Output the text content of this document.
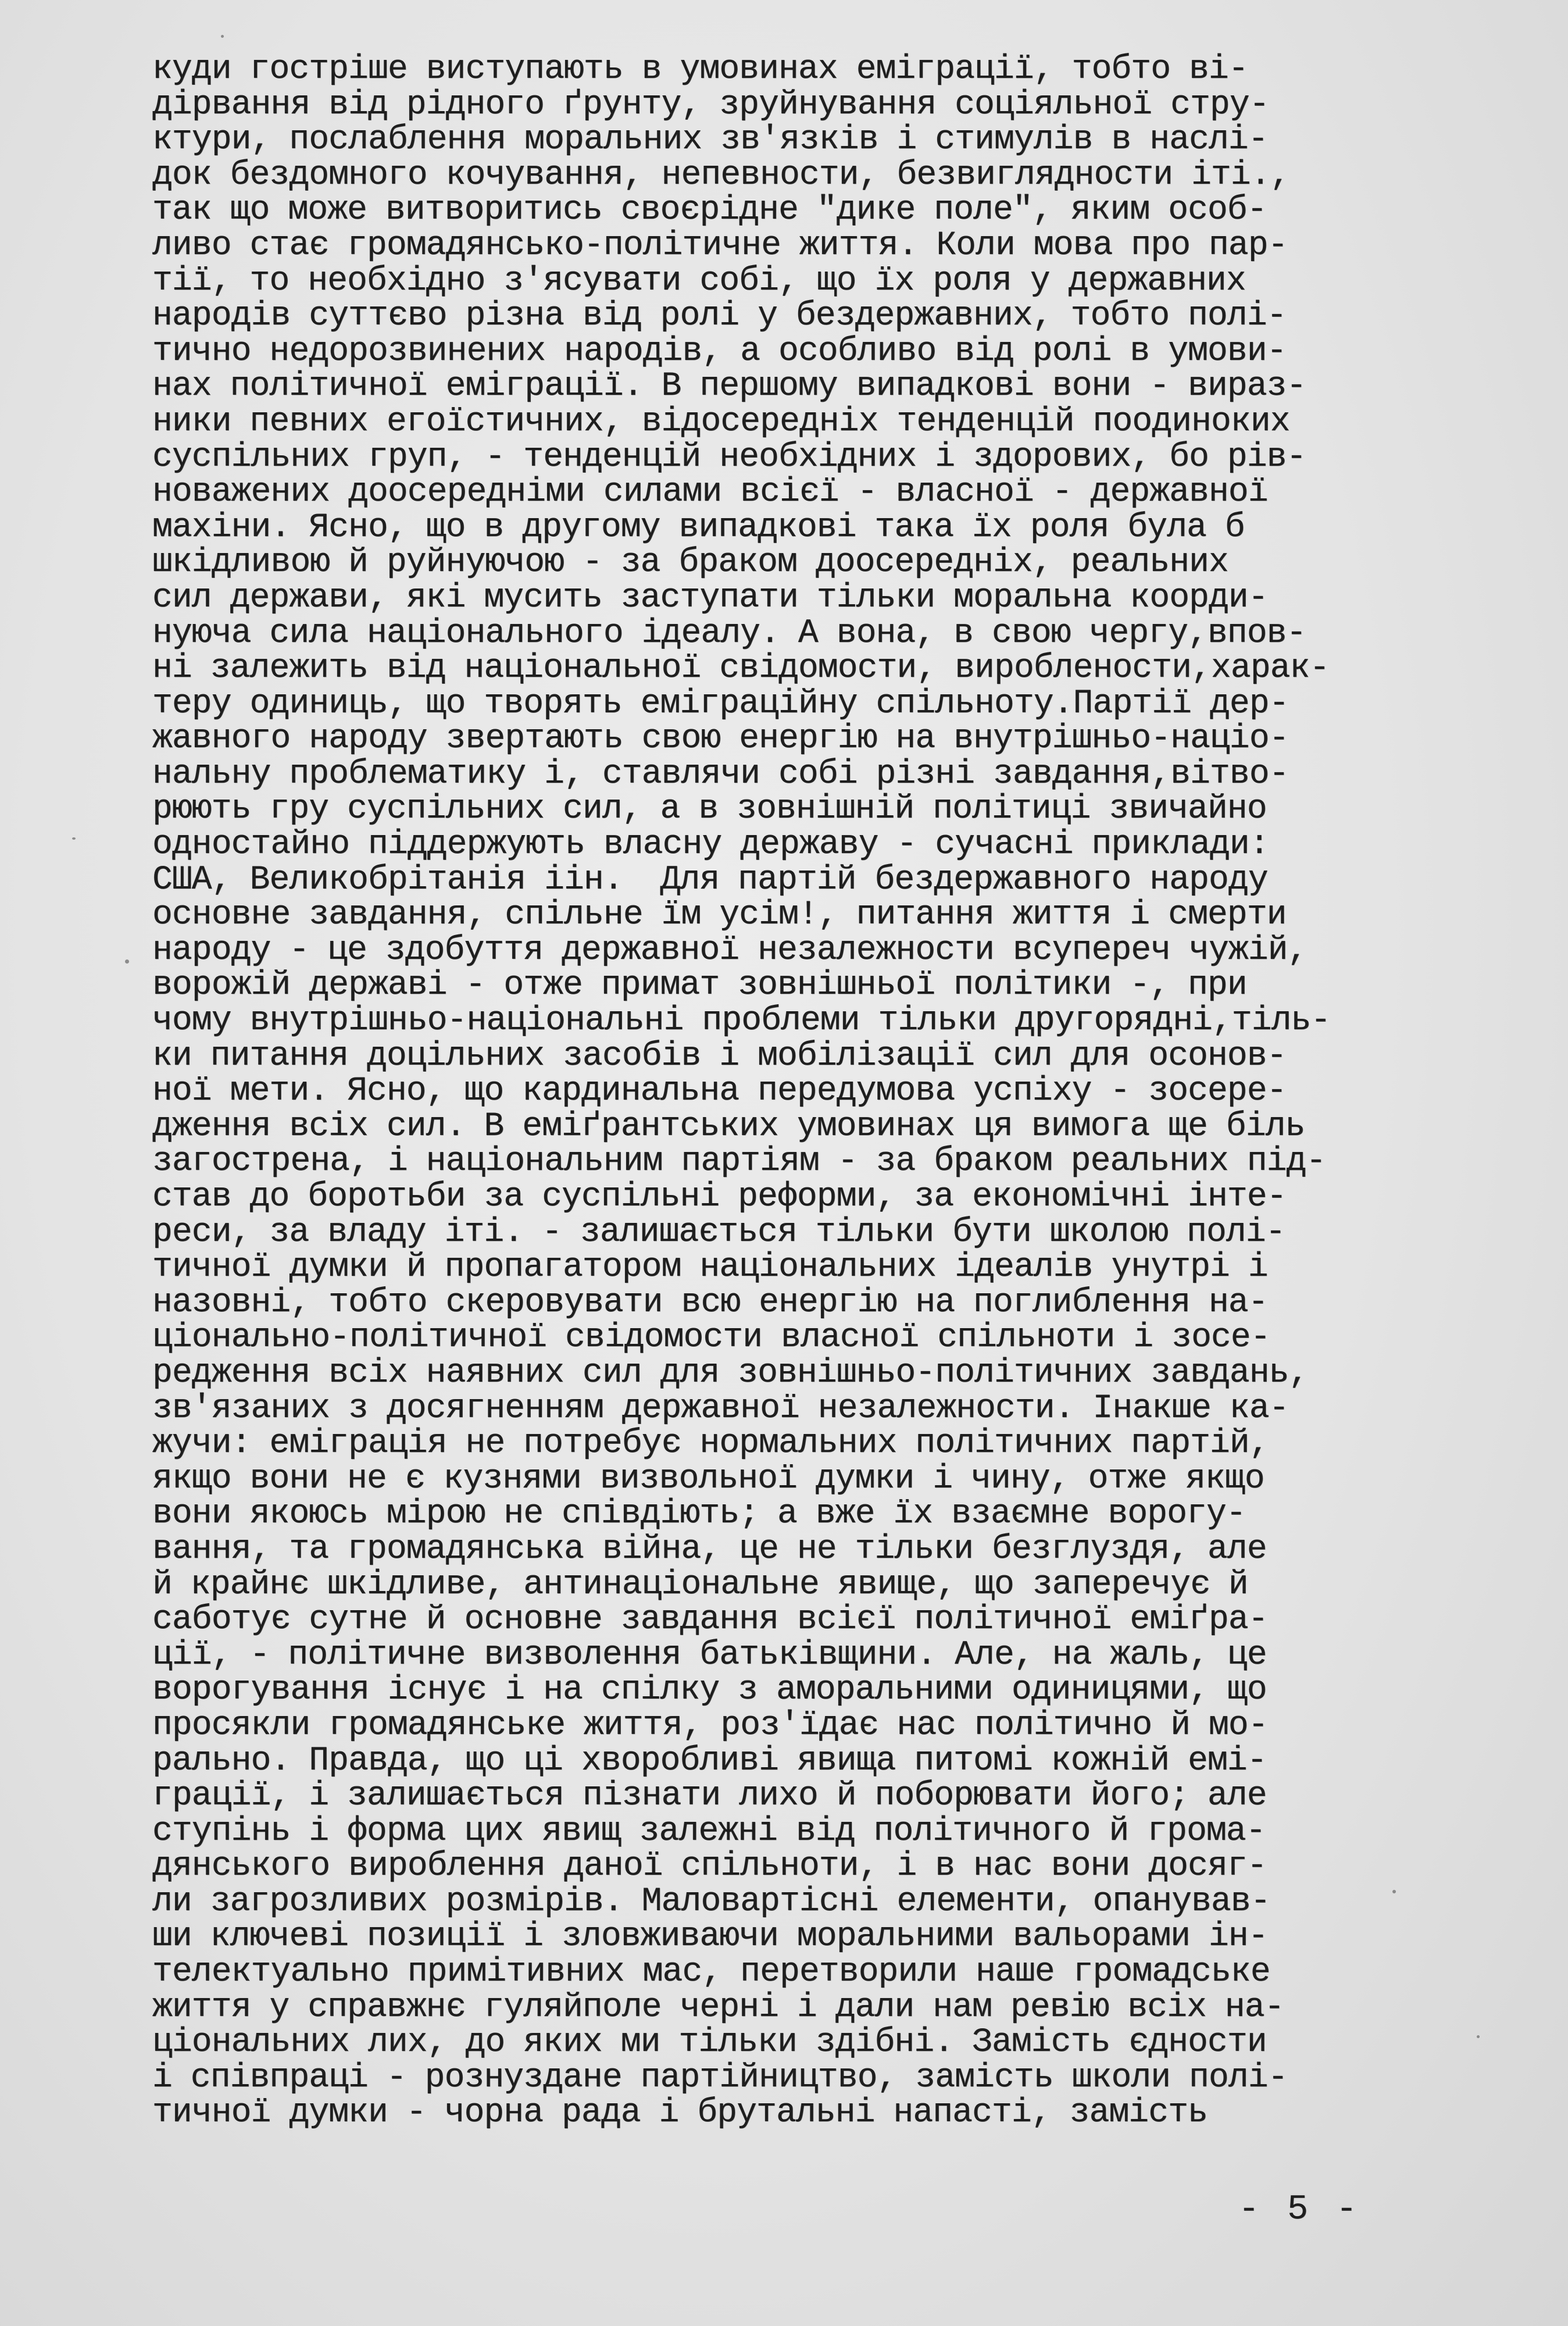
куди гостріше виступають в умовинах еміграції, тобто ві-
дірвання від рідного ґрунту, зруйнування соціяльної стру-
ктури, послаблення моральних зв'язків і стимулів в наслі-
док бездомного кочування, непевности, безвиглядности іті.,
так що може витворитись своєрідне "дике поле", яким особ-
ливо стає громадянсько-політичне життя. Коли мова про пар-
тії, то необхідно з'ясувати собі, що їх роля у державних
народів суттєво різна від ролі у бездержавних, тобто полі-
тично недорозвинених народів, а особливо від ролі в умови-
нах політичної еміграції. В першому випадкові вони - вираз-
ники певних егоїстичних, відосередніх тенденцій поодиноких
суспільних груп, - тенденцій необхідних і здорових, бо рів-
новажених доосередніми силами всієї - власної - державної
махіни. Ясно, що в другому випадкові така їх роля була б
шкідливою й руйнуючою - за браком доосередніх, реальних
сил держави, які мусить заступати тільки моральна коорди-
нуюча сила національного ідеалу. А вона, в свою чергу,впов-
ні залежить від національної свідомости, вироблености,харак-
теру одиниць, що творять еміграційну спільноту.Партії дер-
жавного народу звертають свою енергію на внутрішньо-націо-
нальну проблематику і, ставлячи собі різні завдання,вітво-
рюють гру суспільних сил, а в зовнішній політиці звичайно
одностайно піддержують власну державу - сучасні приклади:
США, Великобрітанія іін.  Для партій бездержавного народу
основне завдання, спільне їм усім!, питання життя і смерти
народу - це здобуття державної незалежности всупереч чужій,
ворожій державі - отже примат зовнішньої політики -, при
чому внутрішньо-національні проблеми тільки другорядні,тіль-
ки питання доцільних засобів і мобілізації сил для осонов-
ної мети. Ясно, що кардинальна передумова успіху - зосере-
дження всіх сил. В еміґрантських умовинах ця вимога ще біль
загострена, і національним партіям - за браком реальних під-
став до боротьби за суспільні реформи, за економічні інте-
реси, за владу іті. - залишається тільки бути школою полі-
тичної думки й пропагатором національних ідеалів унутрі і
назовні, тобто скеровувати всю енергію на поглиблення на-
ціонально-політичної свідомости власної спільноти і зосе-
редження всіх наявних сил для зовнішньо-політичних завдань,
зв'язаних з досягненням державної незалежности. Інакше ка-
жучи: еміграція не потребує нормальних політичних партій,
якщо вони не є кузнями визвольної думки і чину, отже якщо
вони якоюсь мірою не співдіють; а вже їх взаємне ворогу-
вання, та громадянська війна, це не тільки безглуздя, але
й крайнє шкідливе, антинаціональне явище, що заперечує й
саботує сутне й основне завдання всієї політичної еміґра-
ції, - політичне визволення батьківщини. Але, на жаль, це
ворогування існує і на спілку з аморальними одиницями, що
просякли громадянське життя, роз'їдає нас політично й мо-
рально. Правда, що ці хворобливі явища питомі кожній емі-
грації, і залишається пізнати лихо й поборювати його; але
ступінь і форма цих явищ залежні від політичного й грома-
дянського вироблення даної спільноти, і в нас вони досяг-
ли загрозливих розмірів. Маловартісні елементи, опанував-
ши ключеві позиції і зловживаючи моральними вальорами ін-
телектуально примітивних мас, перетворили наше громадське
життя у справжнє гуляйполе черні і дали нам ревію всіх на-
ціональних лих, до яких ми тільки здібні. Замість єдности
і співпраці - рознуздане партійництво, замість школи полі-
тичної думки - чорна рада і брутальні напасті, замість
- 5 -
